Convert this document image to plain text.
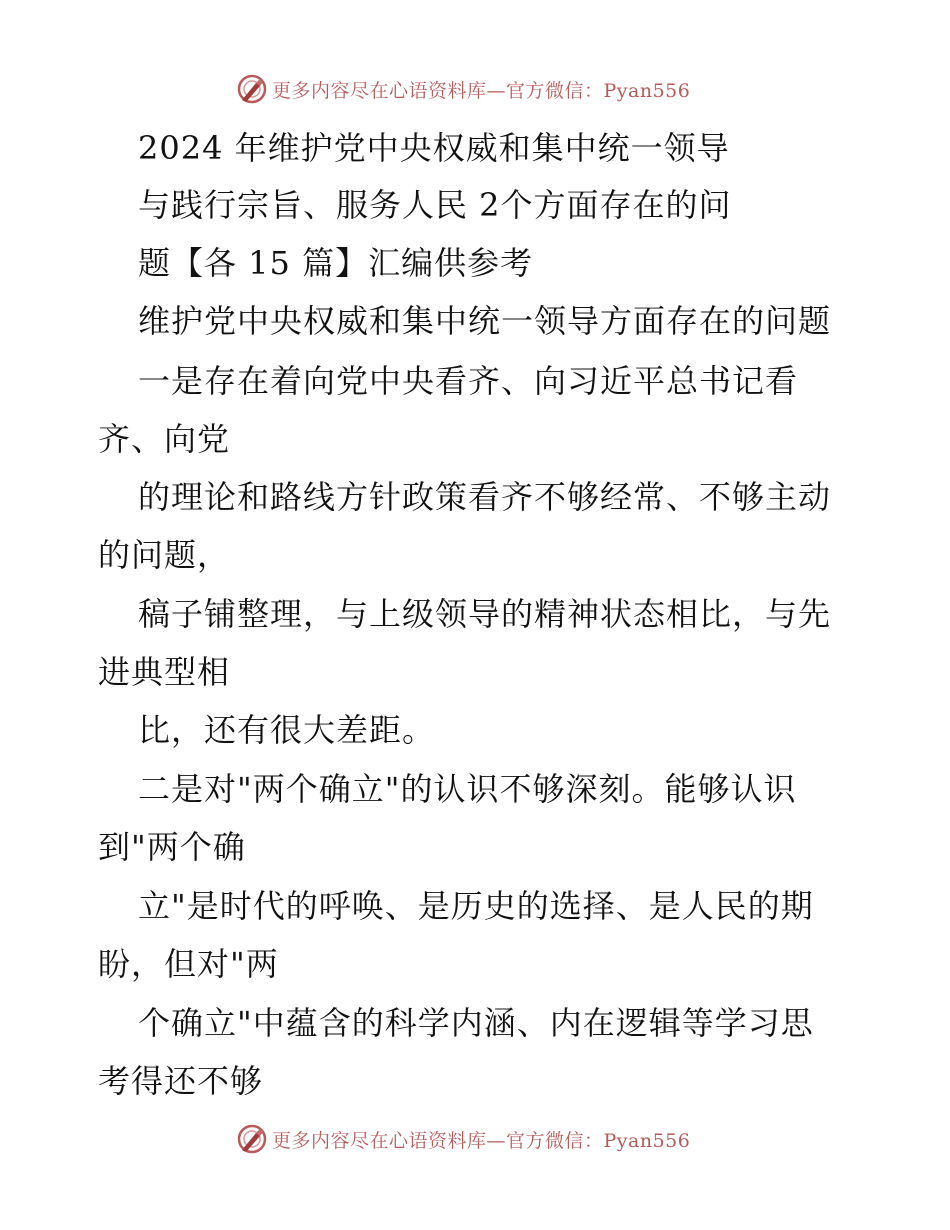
更多内容尽在心语资料库—官方微信：Pyan556
2024 年维护党中央权威和集中统一领导
与践行宗旨、服务人民 2个方面存在的问
题【各 15 篇】汇编供参考
维护党中央权威和集中统一领导方面存在的问题
一是存在着向党中央看齐、向习近平总书记看
齐、向党
的理论和路线方针政策看齐不够经常、不够主动
的问题，
稿子铺整理，与上级领导的精神状态相比，与先
进典型相
比，还有很大差距。
二是对"两个确立"的认识不够深刻。能够认识
到"两个确
立"是时代的呼唤、是历史的选择、是人民的期
盼，但对"两
个确立"中蕴含的科学内涵、内在逻辑等学习思
考得还不够
更多内容尽在心语资料库—官方微信：Pyan556
